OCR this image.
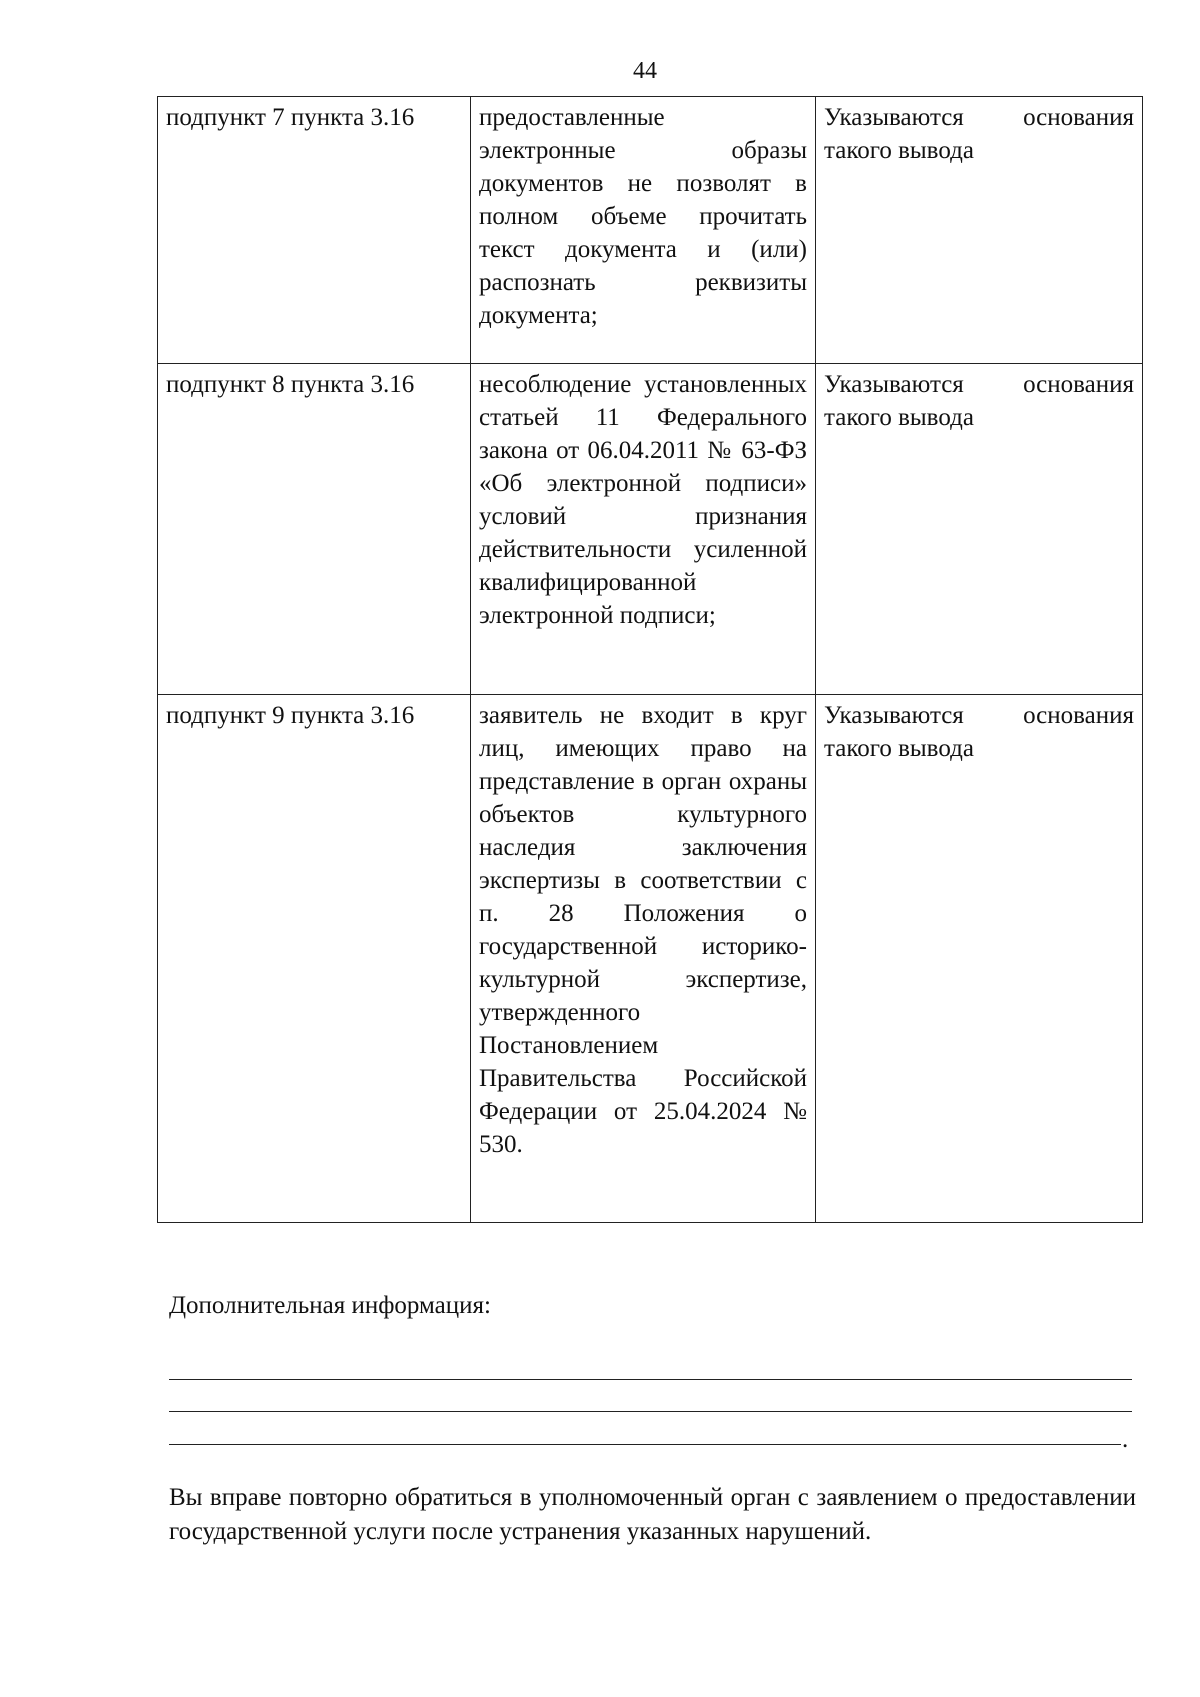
44
подпункт 7 пункта 3.16	предоставленные электронные образы документов не позволят в полном объеме прочитать текст документа и (или) распознать реквизиты документа;	Указываются основания такого вывода
подпункт 8 пункта 3.16	несоблюдение установленных статьей 11 Федерального закона от 06.04.2011 № 63-ФЗ «Об электронной подписи» условий признания действительности усиленной квалифицированной электронной подписи;	Указываются основания такого вывода
подпункт 9 пункта 3.16	заявитель не входит в круг лиц, имеющих право на представление в орган охраны объектов культурного наследия заключения экспертизы в соответствии с п. 28 Положения о государственной историко- культурной экспертизе, утвержденного Постановлением Правительства Российской Федерации от 25.04.2024 № 530.	Указываются основания такого вывода
Дополнительная информация:
.
Вы вправе повторно обратиться в уполномоченный орган с заявлением о предоставлении государственной услуги после устранения указанных нарушений.
